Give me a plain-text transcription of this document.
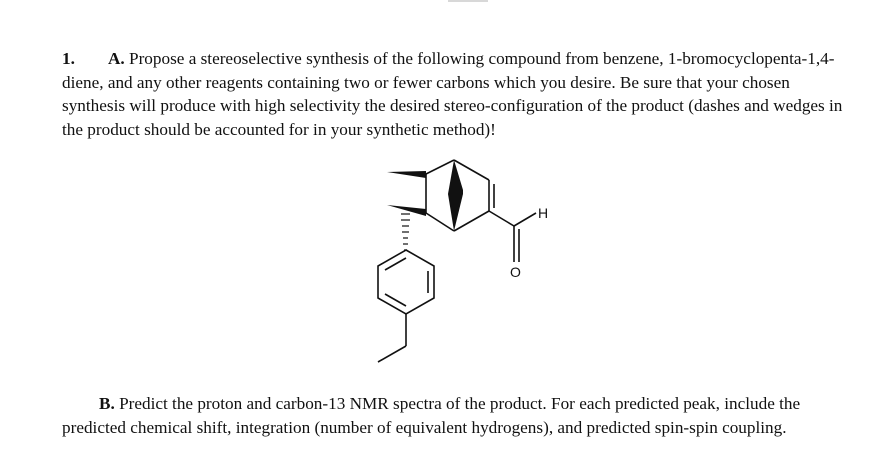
1. A. Propose a stereoselective synthesis of the following compound from benzene, 1-bromocyclopenta-1,4-diene, and any other reagents containing two or fewer carbons which you desire. Be sure that your chosen synthesis will produce with high selectivity the desired stereo-configuration of the product (dashes and wedges in the product should be accounted for in your synthetic method)!
H
O
B. Predict the proton and carbon-13 NMR spectra of the product. For each predicted peak, include the predicted chemical shift, integration (number of equivalent hydrogens), and predicted spin-spin coupling.
